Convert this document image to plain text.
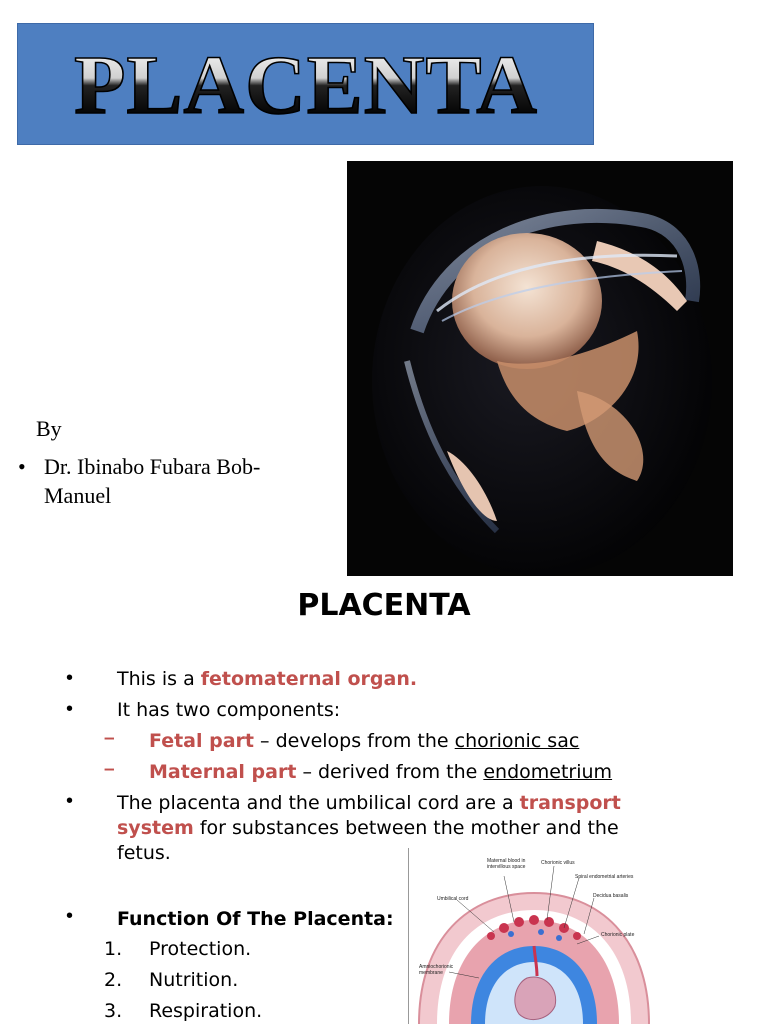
PLACENTA
By
• Dr. Ibinabo Fubara Bob-Manuel
PLACENTA
• This is a fetomaternal organ.
• It has two components:
– Fetal part – develops from the chorionic sac
– Maternal part – derived from the endometrium
• The placenta and the umbilical cord are a transport
system for substances between the mother and the
fetus.
• Function Of The Placenta:
1. Protection.
2. Nutrition.
3. Respiration.
Maternal blood in
intervillous space
Chorionic villus
Spiral endometrial arteries
Decidua basalis
Umbilical cord
Chorionic plate
Amniochorionic
membrane
